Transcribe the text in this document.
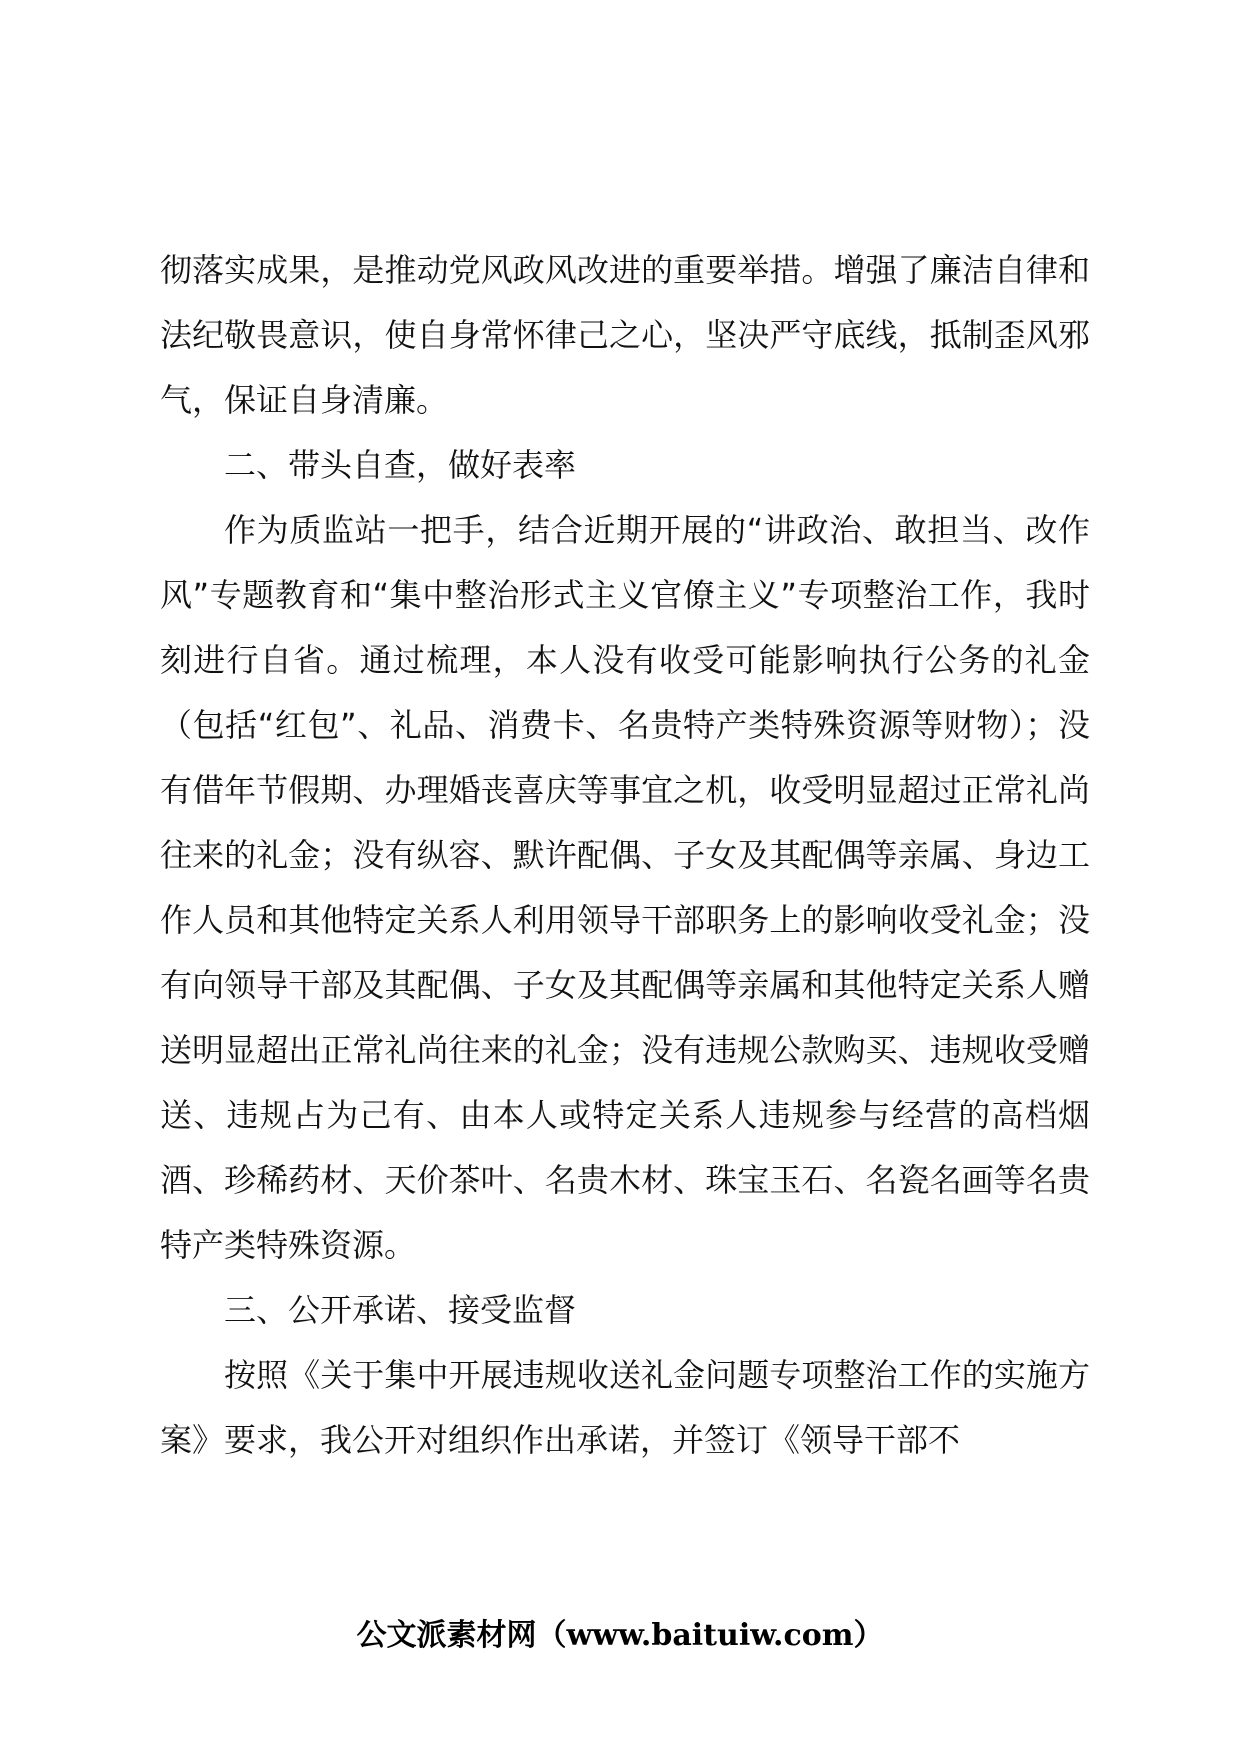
彻落实成果，是推动党风政风改进的重要举措。增强了廉洁自律和法纪敬畏意识，使自身常怀律己之心，坚决严守底线，抵制歪风邪气，保证自身清廉。

二、带头自查，做好表率

作为质监站一把手，结合近期开展的“讲政治、敢担当、改作风”专题教育和“集中整治形式主义官僚主义”专项整治工作，我时刻进行自省。通过梳理，本人没有收受可能影响执行公务的礼金（包括“红包”、礼品、消费卡、名贵特产类特殊资源等财物）；没有借年节假期、办理婚丧喜庆等事宜之机，收受明显超过正常礼尚往来的礼金；没有纵容、默许配偶、子女及其配偶等亲属、身边工作人员和其他特定关系人利用领导干部职务上的影响收受礼金；没有向领导干部及其配偶、子女及其配偶等亲属和其他特定关系人赠送明显超出正常礼尚往来的礼金；没有违规公款购买、违规收受赠送、违规占为己有、由本人或特定关系人违规参与经营的高档烟酒、珍稀药材、天价茶叶、名贵木材、珠宝玉石、名瓷名画等名贵特产类特殊资源。

三、公开承诺、接受监督

按照《关于集中开展违规收送礼金问题专项整治工作的实施方案》要求，我公开对组织作出承诺，并签订《领导干部不

公文派素材网（www.baituiw.com）
